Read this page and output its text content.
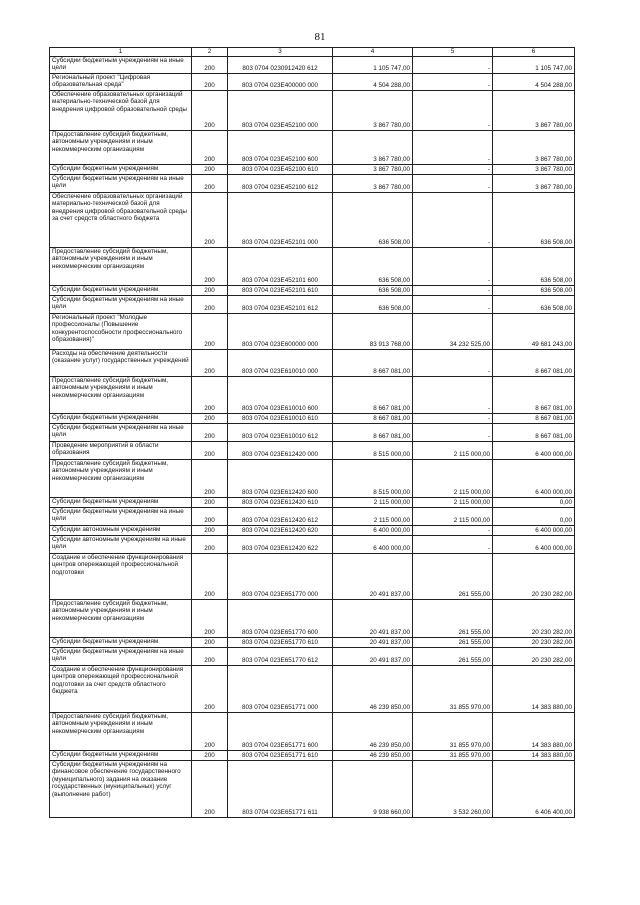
81
1	2	3	4	5	6
Субсидии бюджетным учреждениям на иные цели	200	803 0704 0230912420 612	1 105 747,00	-	1 105 747,00
Региональный проект "Цифровая образовательная среда"	200	803 0704 023E400000 000	4 504 288,00	-	4 504 288,00
Обеспечение образовательных организаций материально-технической базой для внедрения цифровой образовательной среды	200	803 0704 023E452100 000	3 867 780,00	-	3 867 780,00
Предоставление субсидий бюджетным, автономным учреждениям и иным некоммерческим организациям	200	803 0704 023E452100 600	3 867 780,00	-	3 867 780,00
Субсидии бюджетным учреждениям	200	803 0704 023E452100 610	3 867 780,00	-	3 867 780,00
Субсидии бюджетным учреждениям на иные цели	200	803 0704 023E452100 612	3 867 780,00	-	3 867 780,00
Обеспечение образовательных организаций материально-технической базой для внедрения цифровой образовательной среды за счет средств областного бюджета	200	803 0704 023E452101 000	636 508,00	-	636 508,00
Предоставление субсидий бюджетным, автономным учреждениям и иным некоммерческим организациям	200	803 0704 023E452101 600	636 508,00	-	636 508,00
Субсидии бюджетным учреждениям	200	803 0704 023E452101 610	636 508,00	-	636 508,00
Субсидии бюджетным учреждениям на иные цели	200	803 0704 023E452101 612	636 508,00	-	636 508,00
Региональный проект "Молодые профессионалы (Повышение конкурентоспособности профессионального образования)"	200	803 0704 023E600000 000	83 913 768,00	34 232 525,00	49 681 243,00
Расходы на обеспечение деятельности (оказание услуг) государственных учреждений	200	803 0704 023E610010 000	8 667 081,00	-	8 667 081,00
Предоставление субсидий бюджетным, автономным учреждениям и иным некоммерческим организациям	200	803 0704 023E610010 600	8 667 081,00	-	8 667 081,00
Субсидии бюджетным учреждениям	200	803 0704 023E610010 610	8 667 081,00	-	8 667 081,00
Субсидии бюджетным учреждениям на иные цели	200	803 0704 023E610010 612	8 667 081,00	-	8 667 081,00
Проведение мероприятий в области образования	200	803 0704 023E612420 000	8 515 000,00	2 115 000,00	6 400 000,00
Предоставление субсидий бюджетным, автономным учреждениям и иным некоммерческим организациям	200	803 0704 023E612420 600	8 515 000,00	2 115 000,00	6 400 000,00
Субсидии бюджетным учреждениям	200	803 0704 023E612420 610	2 115 000,00	2 115 000,00	0,00
Субсидии бюджетным учреждениям на иные цели	200	803 0704 023E612420 612	2 115 000,00	2 115 000,00	0,00
Субсидии автономным учреждениям	200	803 0704 023E612420 620	6 400 000,00	-	6 400 000,00
Субсидии автономным учреждениям на иные цели	200	803 0704 023E612420 622	6 400 000,00	-	6 400 000,00
Создание и обеспечение функционирования центров опережающей профессиональной подготовки	200	803 0704 023E651770 000	20 491 837,00	261 555,00	20 230 282,00
Предоставление субсидий бюджетным, автономным учреждениям и иным некоммерческим организациям	200	803 0704 023E651770 600	20 491 837,00	261 555,00	20 230 282,00
Субсидии бюджетным учреждениям	200	803 0704 023E651770 610	20 491 837,00	261 555,00	20 230 282,00
Субсидии бюджетным учреждениям на иные цели	200	803 0704 023E651770 612	20 491 837,00	261 555,00	20 230 282,00
Создание и обеспечение функционирования центров опережающей профессиональной подготовки за счет средств областного бюджета	200	803 0704 023E651771 000	46 239 850,00	31 855 970,00	14 383 880,00
Предоставление субсидий бюджетным, автономным учреждениям и иным некоммерческим организациям	200	803 0704 023E651771 600	46 239 850,00	31 855 970,00	14 383 880,00
Субсидии бюджетным учреждениям	200	803 0704 023E651771 610	46 239 850,00	31 855 970,00	14 383 880,00
Субсидии бюджетным учреждениям на финансовое обеспечение государственного (муниципального) задания на оказание государственных (муниципальных) услуг (выполнение работ)	200	803 0704 023E651771 611	9 938 660,00	3 532 260,00	6 406 400,00
